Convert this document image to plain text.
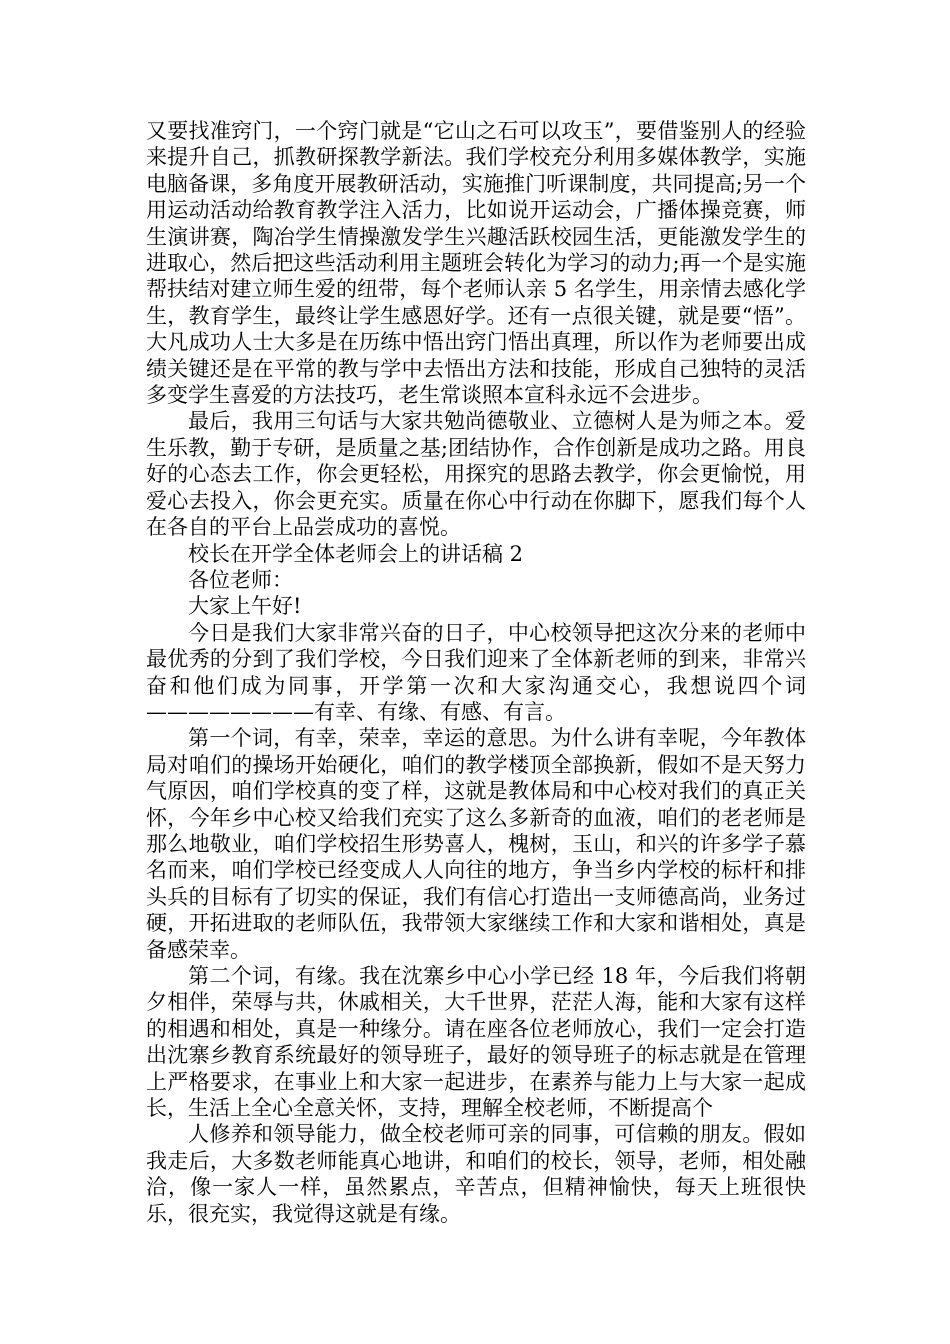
又要找准窍门，一个窍门就是“它山之石可以攻玉”，要借鉴别人的经验来提升自己，抓教研探教学新法。我们学校充分利用多媒体教学，实施电脑备课，多角度开展教研活动，实施推门听课制度，共同提高;另一个用运动活动给教育教学注入活力，比如说开运动会，广播体操竞赛，师生演讲赛，陶冶学生情操激发学生兴趣活跃校园生活，更能激发学生的进取心，然后把这些活动利用主题班会转化为学习的动力;再一个是实施帮扶结对建立师生爱的纽带，每个老师认亲 5 名学生，用亲情去感化学生，教育学生，最终让学生感恩好学。还有一点很关键，就是要“悟”。大凡成功人士大多是在历练中悟出窍门悟出真理，所以作为老师要出成绩关键还是在平常的教与学中去悟出方法和技能，形成自己独特的灵活多变学生喜爱的方法技巧，老生常谈照本宣科永远不会进步。

最后，我用三句话与大家共勉尚德敬业、立德树人是为师之本。爱生乐教，勤于专研，是质量之基;团结协作，合作创新是成功之路。用良好的心态去工作，你会更轻松，用探究的思路去教学，你会更愉悦，用爱心去投入，你会更充实。质量在你心中行动在你脚下，愿我们每个人在各自的平台上品尝成功的喜悦。

校长在开学全体老师会上的讲话稿 2

各位老师：

大家上午好!

今日是我们大家非常兴奋的日子，中心校领导把这次分来的老师中最优秀的分到了我们学校，今日我们迎来了全体新老师的到来，非常兴奋和他们成为同事，开学第一次和大家沟通交心，我想说四个词————————有幸、有缘、有感、有言。

第一个词，有幸，荣幸，幸运的意思。为什么讲有幸呢，今年教体局对咱们的操场开始硬化，咱们的教学楼顶全部换新，假如不是天努力气原因，咱们学校真的变了样，这就是教体局和中心校对我们的真正关怀，今年乡中心校又给我们充实了这么多新奇的血液，咱们的老老师是那么地敬业，咱们学校招生形势喜人，槐树，玉山，和兴的许多学子慕名而来，咱们学校已经变成人人向往的地方，争当乡内学校的标杆和排头兵的目标有了切实的保证，我们有信心打造出一支师德高尚，业务过硬，开拓进取的老师队伍，我带领大家继续工作和大家和谐相处，真是备感荣幸。

第二个词，有缘。我在沈寨乡中心小学已经 18 年，今后我们将朝夕相伴，荣辱与共，休戚相关，大千世界，茫茫人海，能和大家有这样的相遇和相处，真是一种缘分。请在座各位老师放心，我们一定会打造出沈寨乡教育系统最好的领导班子，最好的领导班子的标志就是在管理上严格要求，在事业上和大家一起进步，在素养与能力上与大家一起成长，生活上全心全意关怀，支持，理解全校老师，不断提高个

人修养和领导能力，做全校老师可亲的同事，可信赖的朋友。假如我走后，大多数老师能真心地讲，和咱们的校长，领导，老师，相处融洽，像一家人一样，虽然累点，辛苦点，但精神愉快，每天上班很快乐，很充实，我觉得这就是有缘。
